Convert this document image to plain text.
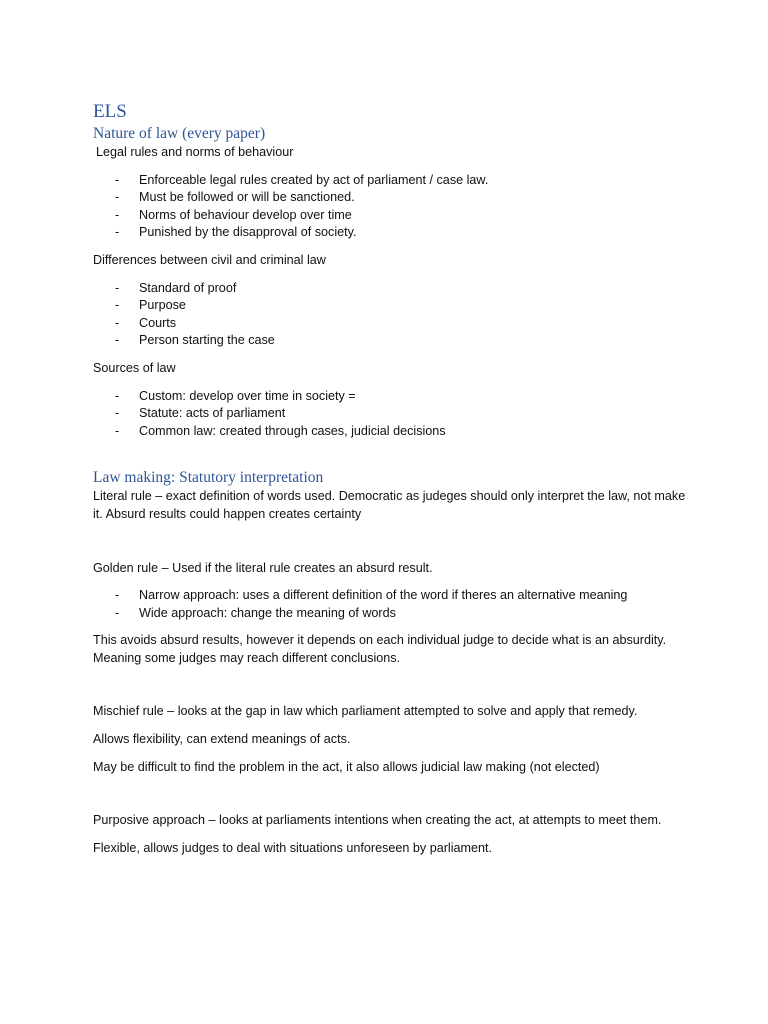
ELS
Nature of law (every paper)

Legal rules and norms of behaviour

- Enforceable legal rules created by act of parliament / case law.
- Must be followed or will be sanctioned.
- Norms of behaviour develop over time
- Punished by the disapproval of society.

Differences between civil and criminal law

- Standard of proof
- Purpose
- Courts
- Person starting the case

Sources of law

- Custom: develop over time in society =
- Statute: acts of parliament
- Common law: created through cases, judicial decisions
Law making: Statutory interpretation

Literal rule – exact definition of words used. Democratic as judeges should only interpret the law, not make it. Absurd results could happen creates certainty

Golden rule – Used if the literal rule creates an absurd result.

- Narrow approach: uses a different definition of the word if theres an alternative meaning
- Wide approach: change the meaning of words

This avoids absurd results, however it depends on each individual judge to decide what is an absurdity. Meaning some judges may reach different conclusions.

Mischief rule – looks at the gap in law which parliament attempted to solve and apply that remedy.

Allows flexibility, can extend meanings of acts.

May be difficult to find the problem in the act, it also allows judicial law making (not elected)

Purposive approach – looks at parliaments intentions when creating the act, at attempts to meet them.

Flexible, allows judges to deal with situations unforeseen by parliament.
